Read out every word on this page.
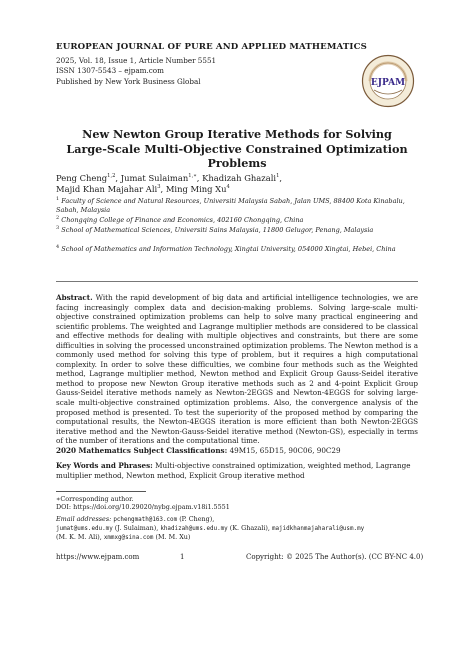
EUROPEAN JOURNAL OF PURE AND APPLIED MATHEMATICS
2025, Vol. 18, Issue 1, Article Number 5551
ISSN 1307-5543 – ejpam.com
Published by New York Business Global	EJPAM
New Newton Group Iterative Methods for Solving
Large-Scale Multi-Objective Constrained Optimization
Problems
Peng Cheng$^{1,2}$, Jumat Sulaiman$^{1,∗}$, Khadizah Ghazali$^1$,
Majid Khan Majahar Ali$^3$, Ming Ming Xu$^4$
$^1$ Faculty of Science and Natural Resources, Universiti Malaysia Sabah, Jalan UMS, 88400 Kota Kinabalu, Sabah, Malaysia
$^2$ Chongqing College of Finance and Economics, 402160 Chongqing, China
$^3$ School of Mathematical Sciences, Universiti Sains Malaysia, 11800 Gelugor, Penang, Malaysia
$^4$ School of Mathematics and Information Technology, Xingtai University, 054000 Xingtai, Hebei, China
Abstract. With the rapid development of big data and artificial intelligence technologies, we are facing increasingly complex data and decision-making problems. Solving large-scale multi-objective constrained optimization problems can help to solve many practical engineering and scientific problems. The weighted and Lagrange multiplier methods are considered to be classical and effective methods for dealing with multiple objectives and constraints, but there are some difficulties in solving the processed unconstrained optimization problems. The Newton method is a commonly used method for solving this type of problem, but it requires a high computational complexity. In order to solve these difficulties, we combine four methods such as the Weighted method, Lagrange multiplier method, Newton method and Explicit Group Gauss-Seidel iterative method to propose new Newton Group iterative methods such as 2 and 4-point Explicit Group Gauss-Seidel iterative methods namely as Newton-2EGGS and Newton-4EGGS for solving large-scale multi-objective constrained optimization problems. Also, the convergence analysis of the proposed method is presented. To test the superiority of the proposed method by comparing the computational results, the Newton-4EGGS iteration is more efficient than both Newton-2EGGS iterative method and the Newton-Gauss-Seidel iterative method (Newton-GS), especially in terms of the number of iterations and the computational time.
2020 Mathematics Subject Classifications: 49M15, 65D15, 90C06, 90C29
Key Words and Phrases: Multi-objective constrained optimization, weighted method, Lagrange multiplier method, Newton method, Explicit Group iterative method
∗Corresponding author.
DOI: https://doi.org/10.29020/nybg.ejpam.v18i1.5551
Email addresses: pchengmath@163.com (P. Cheng),
jumat@ums.edu.my (J. Sulaiman), khadizah@ums.edu.my (K. Ghazali), majidkhanmajaharali@usm.my
(M. K. M. Ali), xmmxg@sina.com (M. M. Xu)
https://www.ejpam.com	1	Copyright: © 2025 The Author(s). (CC BY-NC 4.0)
